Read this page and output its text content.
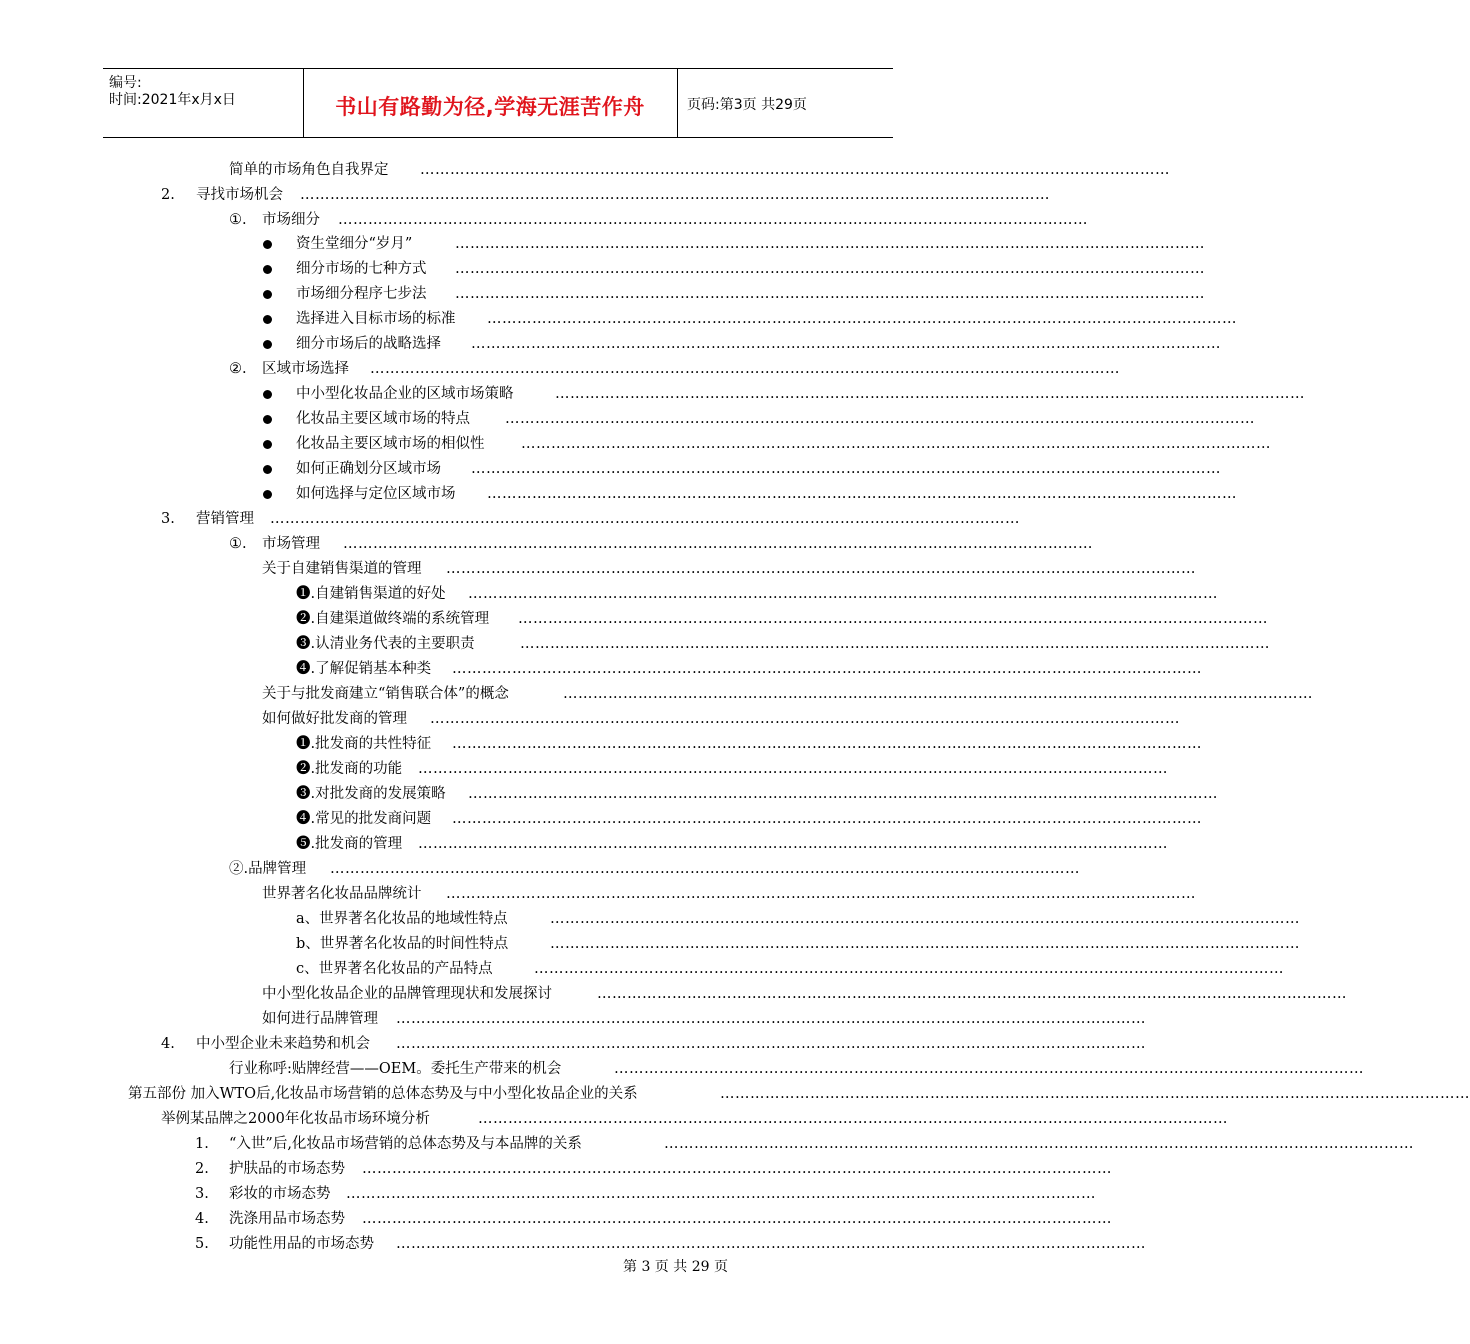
编号:
时间:2021年x月x日	书山有路勤为径,学海无涯苦作舟	页码:第3页 共29页
简单的市场角色自我界定 ……………………………………………………………………………………………………………………………………
2. 寻找市场机会 ……………………………………………………………………………………………………………………………………
①. 市场细分 ……………………………………………………………………………………………………………………………………
资生堂细分“岁月”	……………………………………………………………………………………………………………………………………
细分市场的七种方式 ……………………………………………………………………………………………………………………………………
市场细分程序七步法 ……………………………………………………………………………………………………………………………………
选择进入目标市场的标准 ……………………………………………………………………………………………………………………………………
细分市场后的战略选择 ……………………………………………………………………………………………………………………………………
②. 区域市场选择 ……………………………………………………………………………………………………………………………………
中小型化妆品企业的区域市场策略	……………………………………………………………………………………………………………………………………
化妆品主要区域市场的特点 ……………………………………………………………………………………………………………………………………
化妆品主要区域市场的相似性	……………………………………………………………………………………………………………………………………
如何正确划分区域市场 ……………………………………………………………………………………………………………………………………
如何选择与定位区域市场 ……………………………………………………………………………………………………………………………………
3. 营销管理 ……………………………………………………………………………………………………………………………………
①. 市场管理 ……………………………………………………………………………………………………………………………………
关于自建销售渠道的管理 ……………………………………………………………………………………………………………………………………
❶.自建销售渠道的好处 ……………………………………………………………………………………………………………………………………
❷.自建渠道做终端的系统管理 ……………………………………………………………………………………………………………………………………
❸.认清业务代表的主要职责	……………………………………………………………………………………………………………………………………
❹.了解促销基本种类 ……………………………………………………………………………………………………………………………………
关于与批发商建立“销售联合体”的概念	……………………………………………………………………………………………………………………………………
如何做好批发商的管理 ……………………………………………………………………………………………………………………………………
❶.批发商的共性特征 ……………………………………………………………………………………………………………………………………
❷.批发商的功能 ……………………………………………………………………………………………………………………………………
❸.对批发商的发展策略 ……………………………………………………………………………………………………………………………………
❹.常见的批发商问题 ……………………………………………………………………………………………………………………………………
❺.批发商的管理 ……………………………………………………………………………………………………………………………………
②.品牌管理 ……………………………………………………………………………………………………………………………………
世界著名化妆品品牌统计 ……………………………………………………………………………………………………………………………………
a、世界著名化妆品的地域性特点	……………………………………………………………………………………………………………………………………
b、世界著名化妆品的时间性特点	……………………………………………………………………………………………………………………………………
c、世界著名化妆品的产品特点	……………………………………………………………………………………………………………………………………
中小型化妆品企业的品牌管理现状和发展探讨	……………………………………………………………………………………………………………………………………
如何进行品牌管理 ……………………………………………………………………………………………………………………………………
4. 中小型企业未来趋势和机会 ……………………………………………………………………………………………………………………………………
行业称呼:贴牌经营——OEM。委托生产带来的机会	……………………………………………………………………………………………………………………………………
第五部份 加入WTO后,化妆品市场营销的总体态势及与中小型化妆品企业的关系	……………………………………………………………………………………………………………………………………
举例某品牌之2000年化妆品市场环境分析	……………………………………………………………………………………………………………………………………
1. “入世”后,化妆品市场营销的总体态势及与本品牌的关系	……………………………………………………………………………………………………………………………………
2. 护肤品的市场态势 ……………………………………………………………………………………………………………………………………
3. 彩妆的市场态势 ……………………………………………………………………………………………………………………………………
4. 洗涤用品市场态势 ……………………………………………………………………………………………………………………………………
5. 功能性用品的市场态势 ……………………………………………………………………………………………………………………………………
第 3 页 共 29 页
